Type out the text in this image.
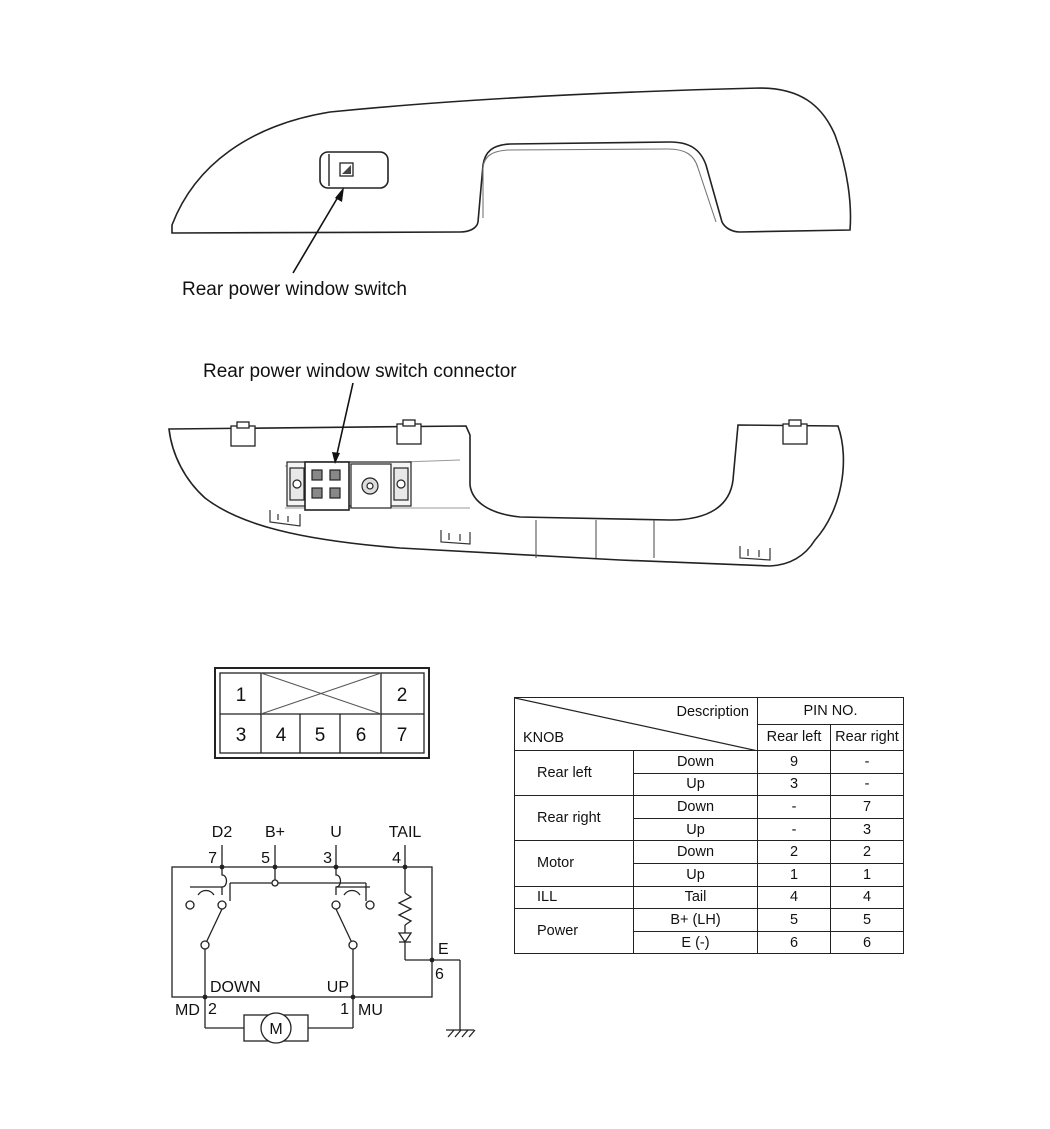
Rear power window switch
Rear power window switch connector
1	2
3 4 5 6 7
D2 B+	U	TAIL
7	5	3	4
E
6
DOWN	UP
MD 2	1 MU
M
Description
KNOB		PIN NO.	
		Rear left	Rear right
Rear left	Down	9	-
	Up	3	-
Rear right	Down	-	7
	Up	-	3
Motor	Down	2	2
	Up	1	1
ILL	Tail	4	4
Power	B+ (LH)	5	5
	E (-)	6	6
